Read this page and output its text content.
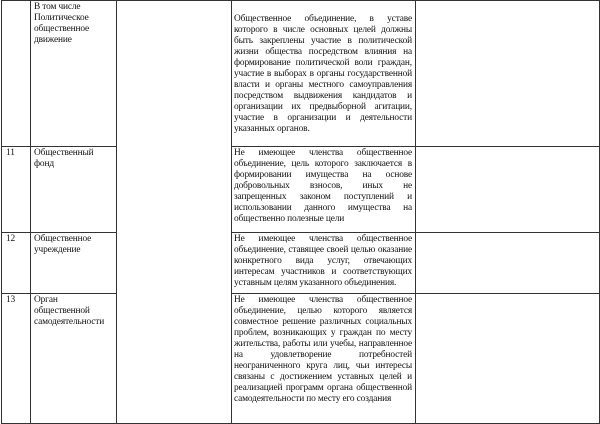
	В том числе Политическое общественное движение		Общественное объединение, в уставе которого в числе основных целей должны быть закреплены участие в политической жизни общества посредством влияния на формирование политической воли граждан, участие в выборах в органы государственной власти и органы местного самоуправления посредством выдвижения кандидатов и организации их предвыборной агитации, участие в организации и деятельности указанных органов.	

11	Общественный фонд		Не имеющее членства общественное объединение, цель которого заключается в формировании имущества на основе добровольных взносов, иных не запрещенных законом поступлений и использовании данного имущества на общественно полезные цели	

12	Общественное учреждение		Не имеющее членства общественное объединение, ставящее своей целью оказание конкретного вида услуг, отвечающих интересам участников и соответствующих уставным целям указанного объединения.	

13	Орган общественной самодеятельности		Не имеющее членства общественное объединение, целью которого является совместное решение различных социальных проблем, возникающих у граждан по месту жительства, работы или учебы, направленное на удовлетворение потребностей неограниченного круга лиц, чьи интересы связаны с достижением уставных целей и реализацией программ органа общественной самодеятельности по месту его создания	
